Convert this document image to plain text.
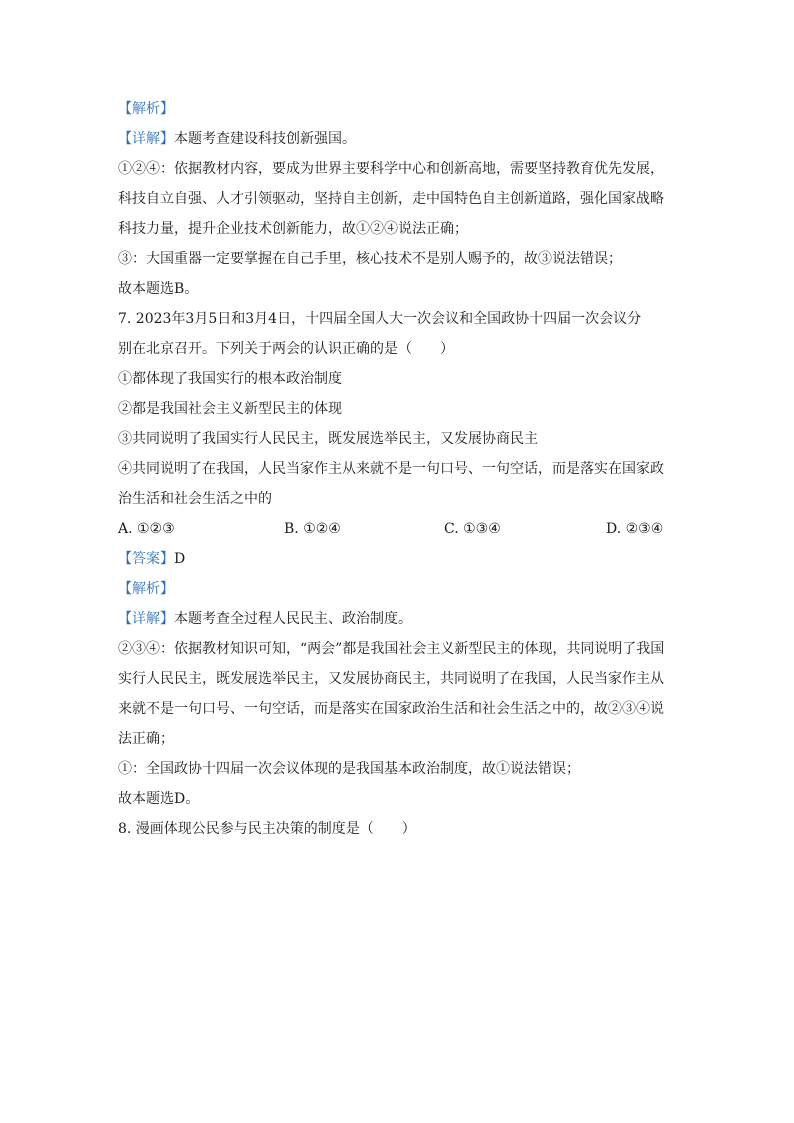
【解析】
【详解】本题考查建设科技创新强国。
①②④：依据教材内容，要成为世界主要科学中心和创新高地，需要坚持教育优先发展，
科技自立自强、人才引领驱动，坚持自主创新，走中国特色自主创新道路，强化国家战略
科技力量，提升企业技术创新能力，故①②④说法正确；
③：大国重器一定要掌握在自己手里，核心技术不是别人赐予的，故③说法错误；
故本题选B。
7. 2023年3月5日和3月4日，十四届全国人大一次会议和全国政协十四届一次会议分
别在北京召开。下列关于两会的认识正确的是（　　）
①都体现了我国实行的根本政治制度
②都是我国社会主义新型民主的体现
③共同说明了我国实行人民民主，既发展选举民主，又发展协商民主
④共同说明了在我国，人民当家作主从来就不是一句口号、一句空话，而是落实在国家政
治生活和社会生活之中的
A. ①②③	B. ①②④	C. ①③④	D. ②③④
【答案】D
【解析】
【详解】本题考查全过程人民民主、政治制度。
②③④：依据教材知识可知，“两会”都是我国社会主义新型民主的体现，共同说明了我国
实行人民民主，既发展选举民主，又发展协商民主，共同说明了在我国，人民当家作主从
来就不是一句口号、一句空话，而是落实在国家政治生活和社会生活之中的，故②③④说
法正确；
①：全国政协十四届一次会议体现的是我国基本政治制度，故①说法错误；
故本题选D。
8. 漫画体现公民参与民主决策的制度是（　　）
